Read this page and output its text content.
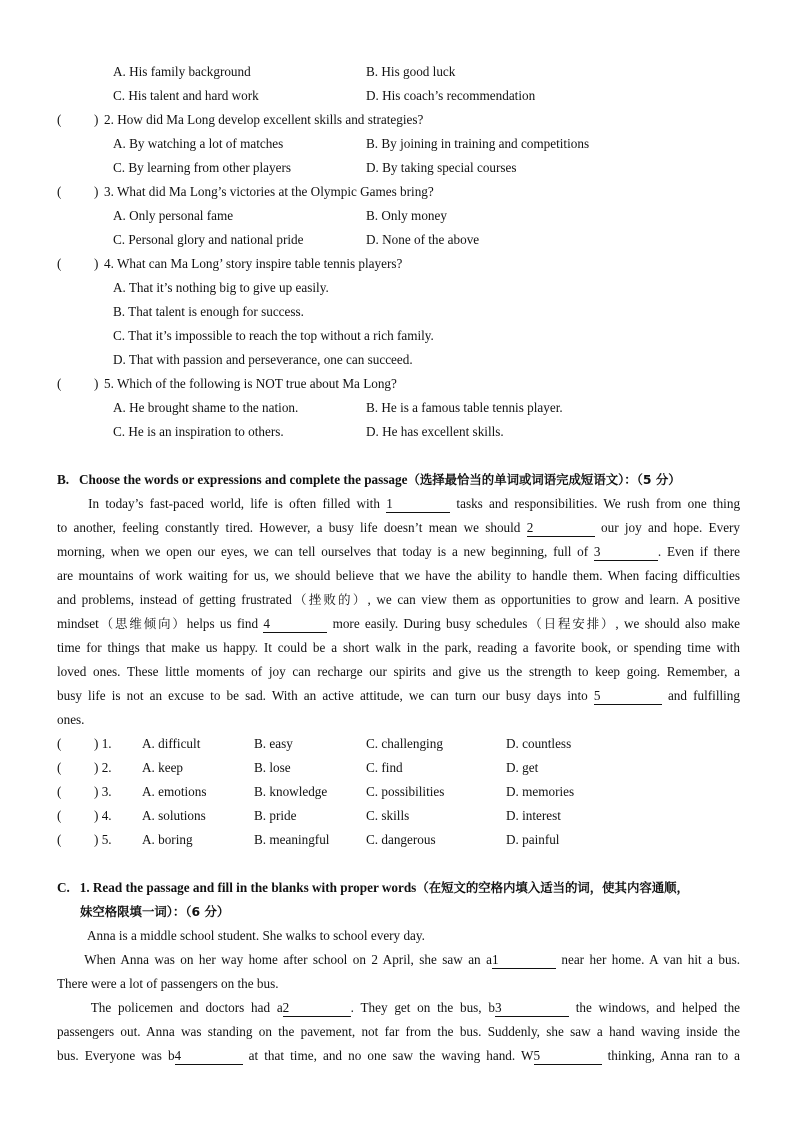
A. His family background	B. His good luck
C. His talent and hard work	D. His coach’s recommendation
( ) 2. How did Ma Long develop excellent skills and strategies?
A. By watching a lot of matches	B. By joining in training and competitions
C. By learning from other players	D. By taking special courses
( ) 3. What did Ma Long’s victories at the Olympic Games bring?
A. Only personal fame	B. Only money
C. Personal glory and national pride	D. None of the above
( ) 4. What can Ma Long’ story inspire table tennis players?
A. That it’s nothing big to give up easily.
B. That talent is enough for success.
C. That it’s impossible to reach the top without a rich family.
D. That with passion and perseverance, one can succeed.
( ) 5. Which of the following is NOT true about Ma Long?
A. He brought shame to the nation.	B. He is a famous table tennis player.
C. He is an inspiration to others.	D. He has excellent skills.
B. Choose the words or expressions and complete the passage（选择最恰当的单词或词语完成短语文）：（5 分）
In today’s fast-paced world, life is often filled with 1	tasks and responsibilities. We rush from one thing
to another, feeling constantly tired. However, a busy life doesn’t mean we should 2	our joy and hope. Every
morning, when we open our eyes, we can tell ourselves that today is a new beginning, full of 3	. Even if there
are mountains of work waiting for us, we should believe that we have the ability to handle them. When facing difficulties
and problems, instead of getting frustrated（挫败的）, we can view them as opportunities to grow and learn. A positive
mindset（思维倾向）helps us find 4	more easily. During busy schedules（日程安排）, we should also make
time for things that make us happy. It could be a short walk in the park, reading a favorite book, or spending time with
loved ones. These little moments of joy can recharge our spirits and give us the strength to keep going. Remember, a
busy life is not an excuse to be sad. With an active attitude, we can turn our busy days into 5	and fulfilling
ones.
( ) 1. A. difficult	B. easy	C. challenging	D. countless
( ) 2. A. keep	B. lose	C. find	D. get
( ) 3. A. emotions	B. knowledge	C. possibilities	D. memories
( ) 4. A. solutions	B. pride	C. skills	D. interest
( ) 5. A. boring	B. meaningful	C. dangerous	D. painful
C. 1. Read the passage and fill in the blanks with proper words（在短文的空格内填入适当的词，使其内容通顺，
妹空格限填一词）：（6 分）
Anna is a middle school student. She walks to school every day.
When Anna was on her way home after school on 2 April, she saw an a1	near her home. A van hit a bus.
There were a lot of passengers on the bus.
The policemen and doctors had a2	. They get on the bus, b3	the windows, and helped the
passengers out. Anna was standing on the pavement, not far from the bus. Suddenly, she saw a hand waving inside the
bus. Everyone was b4	at that time, and no one saw the waving hand. W5	thinking, Anna ran to a
